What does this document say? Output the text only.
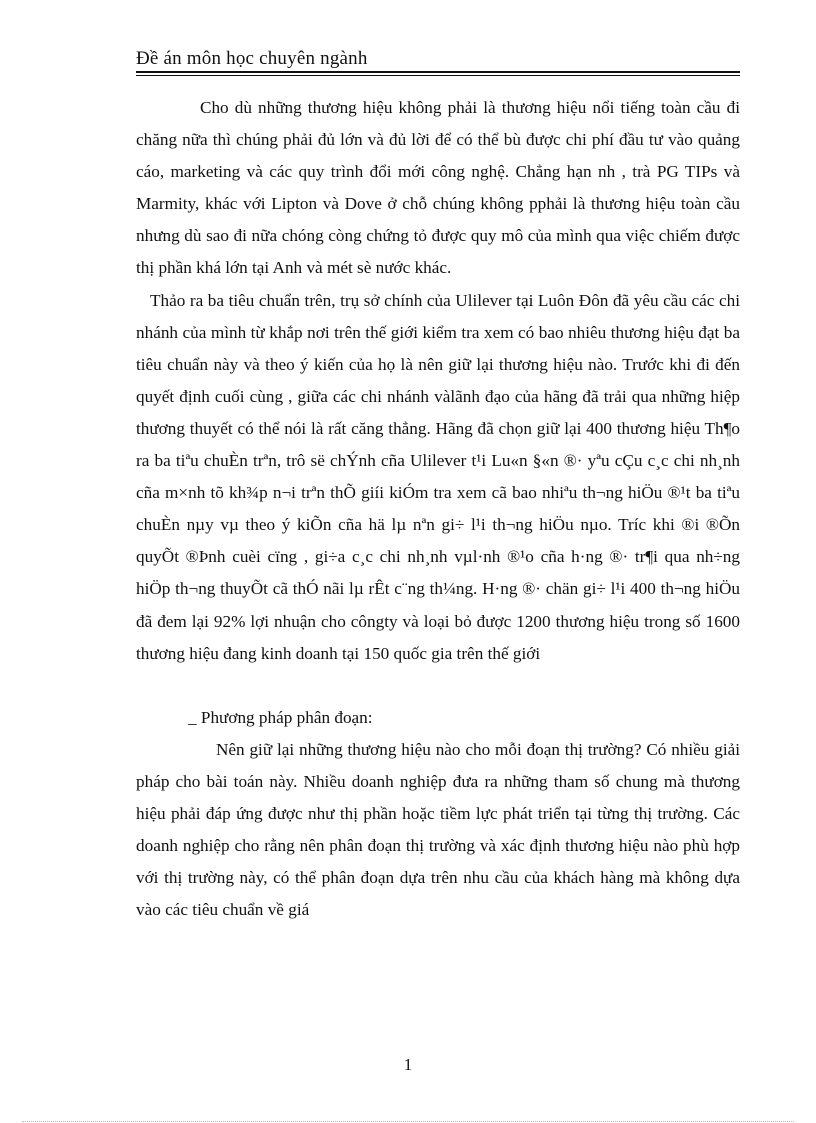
Đề án môn học chuyên ngành

Cho dù những thương hiệu không phải là thương hiệu nổi tiếng toàn cầu đi chăng nữa thì chúng phải đủ lớn và đủ lời để có thể bù được chi phí đầu tư vào quảng cáo, marketing và các quy trình đổi mới công nghệ. Chẳng hạn nh , trà PG TIPs và Marmity, khác với Lipton và Dove ở chỗ chúng không pphải là thương hiệu toàn cầu nhưng dù sao đi nữa chóng còng chứng tỏ được quy mô của mình qua việc chiếm được thị phần khá lớn tại Anh và mét sè nước khác.

Thảo ra ba tiêu chuẩn trên, trụ sở chính của Ulilever tại Luôn Đôn đã yêu cầu các chi nhánh của mình từ khắp nơi trên thế giới kiểm tra xem có bao nhiêu thương hiệu đạt ba tiêu chuẩn này và theo ý kiến của họ là nên giữ lại thương hiệu nào. Trước khi đi đến quyết định cuối cùng , giữa các chi nhánh vàlãnh đạo của hãng đã trải qua những hiệp thương thuyết có thể nói là rất căng thẳng. Hãng đã chọn giữ lại 400 thương hiệu Th¶o ra ba tiªu chuÈn trªn, trô së chÝnh cña Ulilever t¹i Lu«n §«n ®· yªu cÇu c¸c chi nh¸nh cña m×nh tõ kh¾p n¬i trªn thÕ giíi kiÓm tra xem cã bao nhiªu th¬ng hiÖu ®¹t ba tiªu chuÈn nµy vµ theo ý kiÕn cña hä lµ nªn gi÷ l¹i th¬ng hiÖu nµo. Tríc khi ®i ®Õn quyÕt ®Þnh cuèi cïng , gi÷a c¸c chi nh¸nh vµl·nh ®¹o cña h·ng ®· tr¶i qua nh÷ng hiÖp th¬ng thuyÕt cã thÓ nãi lµ rÊt c¨ng th¼ng. H·ng ®· chän gi÷ l¹i 400 th¬ng hiÖu đã đem lại 92% lợi nhuận cho côngty và loại bỏ được 1200 thương hiệu trong số 1600 thương hiệu đang kinh doanh tại 150 quốc gia trên thế giới

_ Phương pháp phân đoạn:

Nên giữ lại những thương hiệu nào cho mỗi đoạn thị trường? Có nhiều giải pháp cho bài toán này. Nhiều doanh nghiệp đưa ra những tham số chung mà thương hiệu phải đáp ứng được như thị phần hoặc tiềm lực phát triển tại từng thị trường. Các doanh nghiệp cho rằng nên phân đoạn thị trường và xác định thương hiệu nào phù hợp với thị trường này, có thể phân đoạn dựa trên nhu cầu của khách hàng mà không dựa vào các tiêu chuẩn về giá

1
